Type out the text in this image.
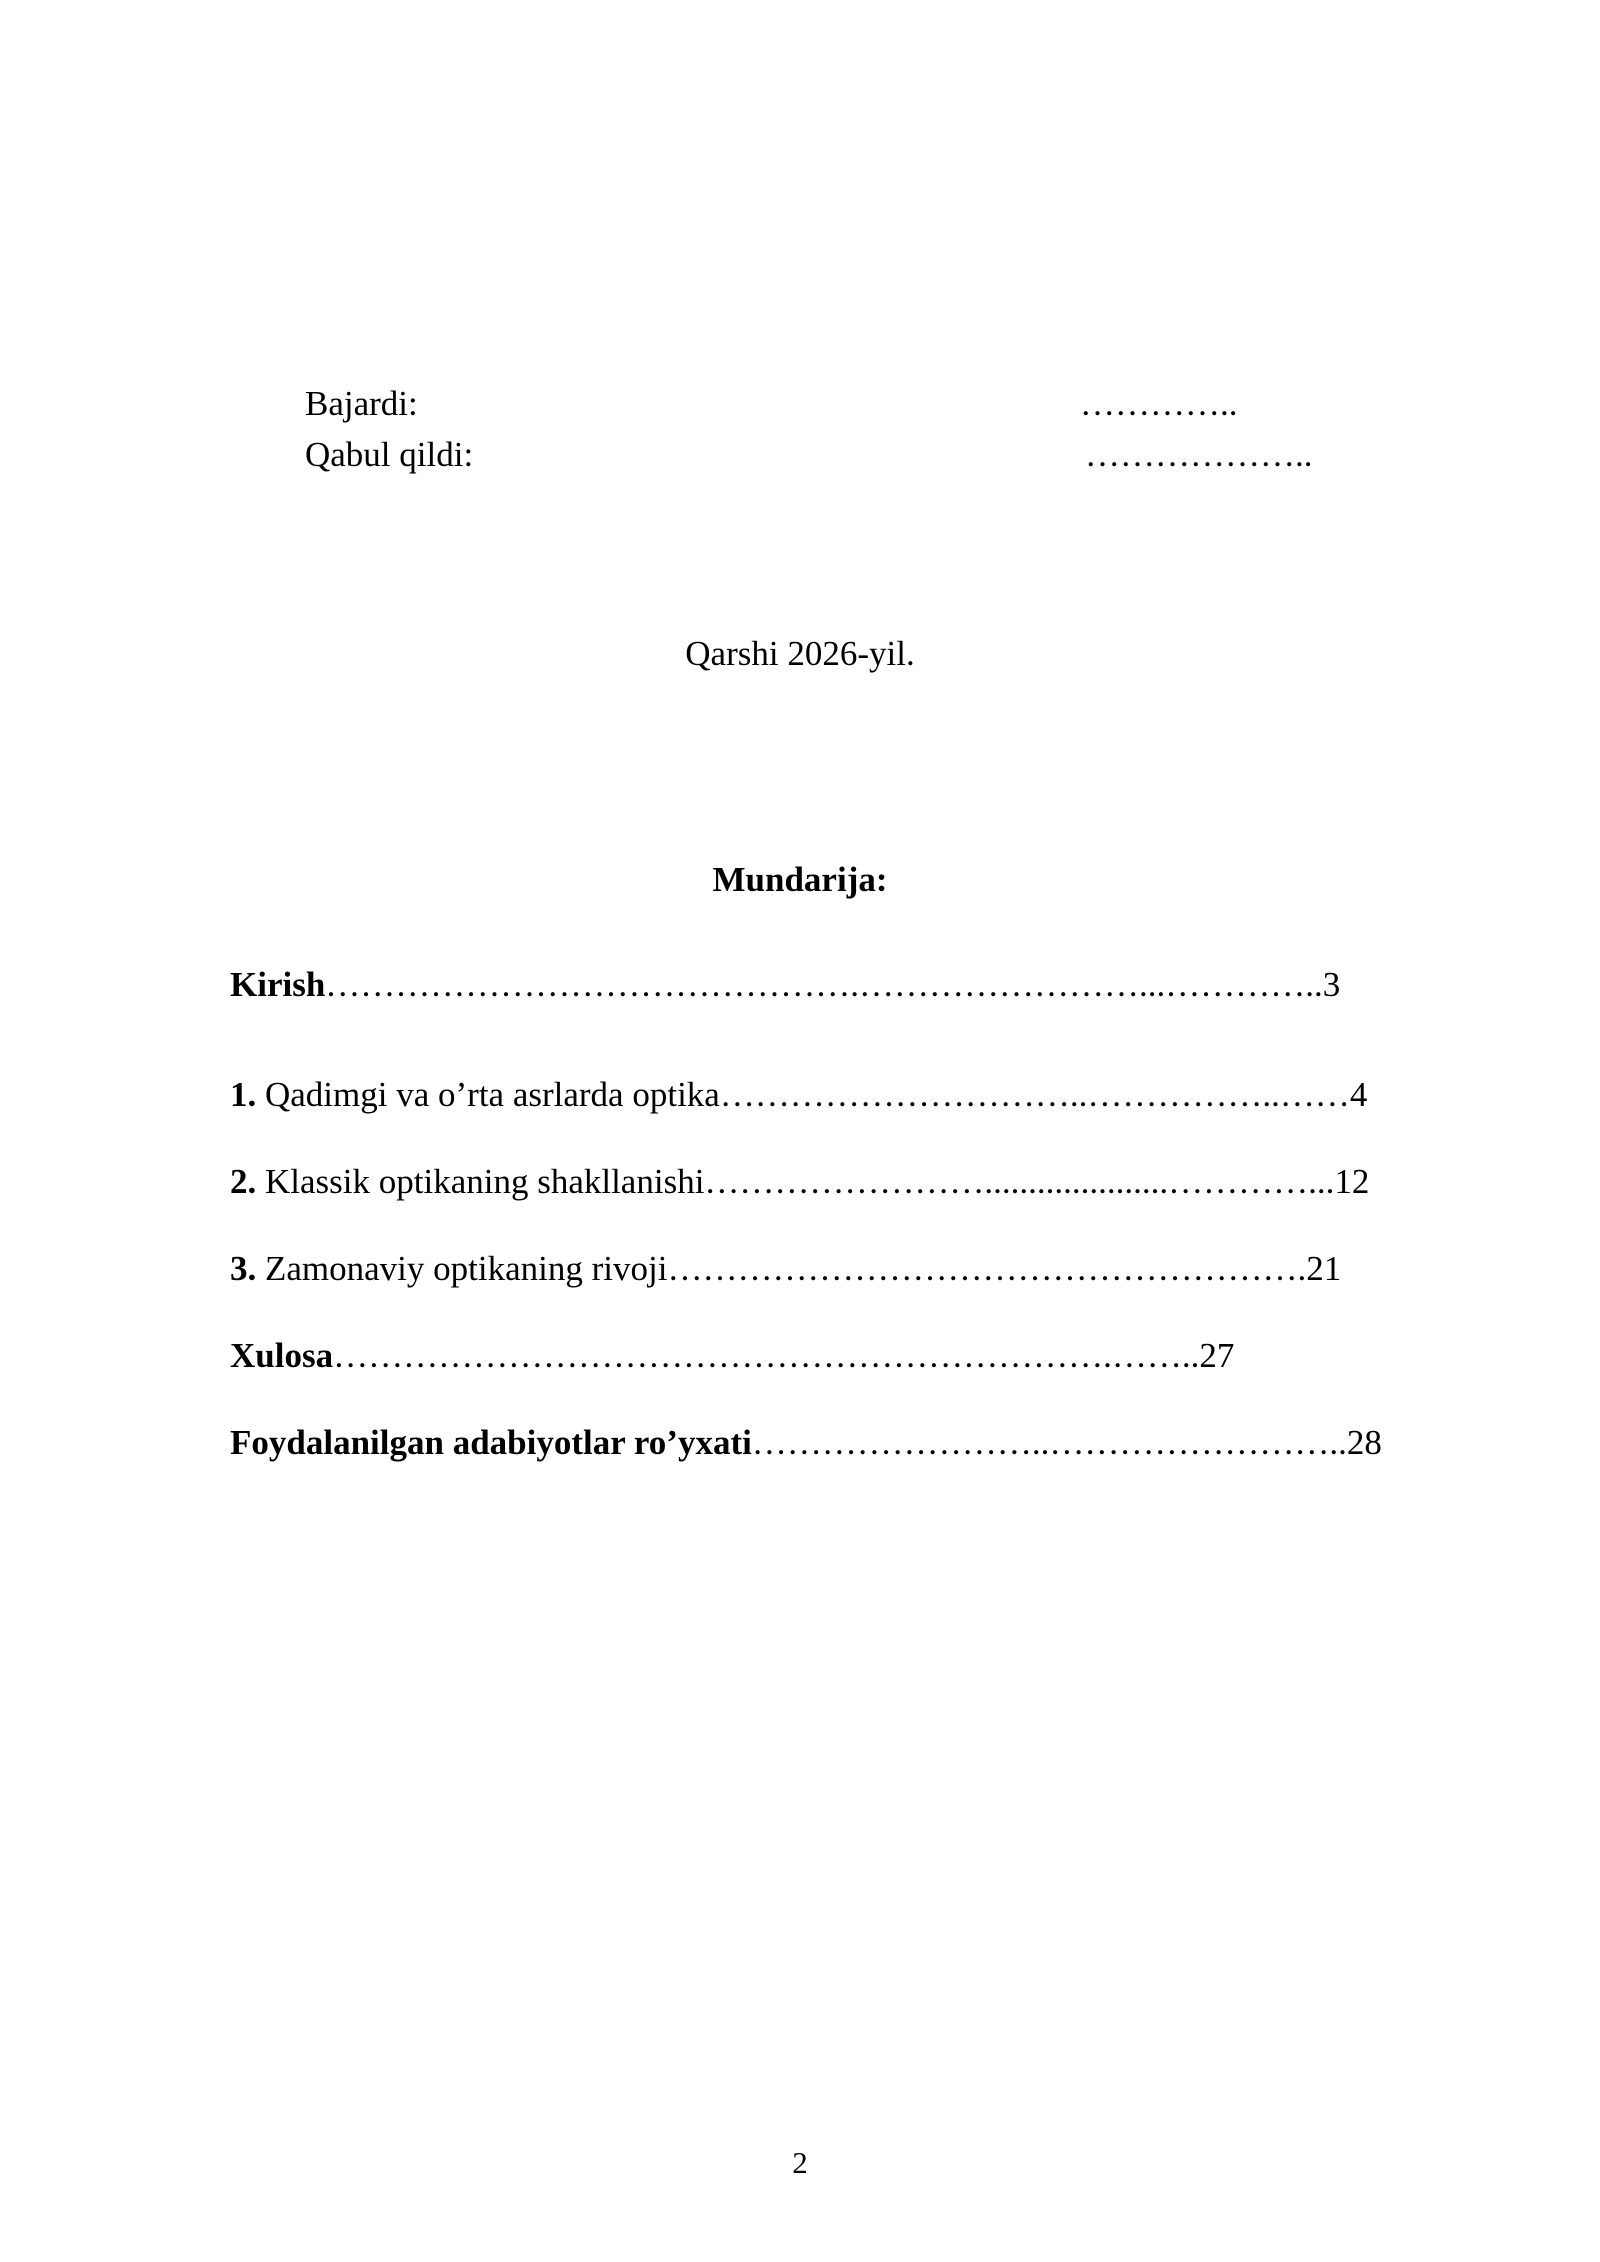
Bajardi:	…………..
Qabul qildi:	………………..
Qarshi 2026-yil.
Mundarija:
Kirish……………………………………….……………………...…………..3
1. Qadimgi va o’rta asrlarda optika…………………………..……………..……4
2. Klassik optikaning shakllanishi…………………….....................…………...12
3. Zamonaviy optikaning rivoji……………………………………………….21
Xulosa………………………………………………………….……..27
Foydalanilgan adabiyotlar ro’yxati……………………..……………………..28
2
